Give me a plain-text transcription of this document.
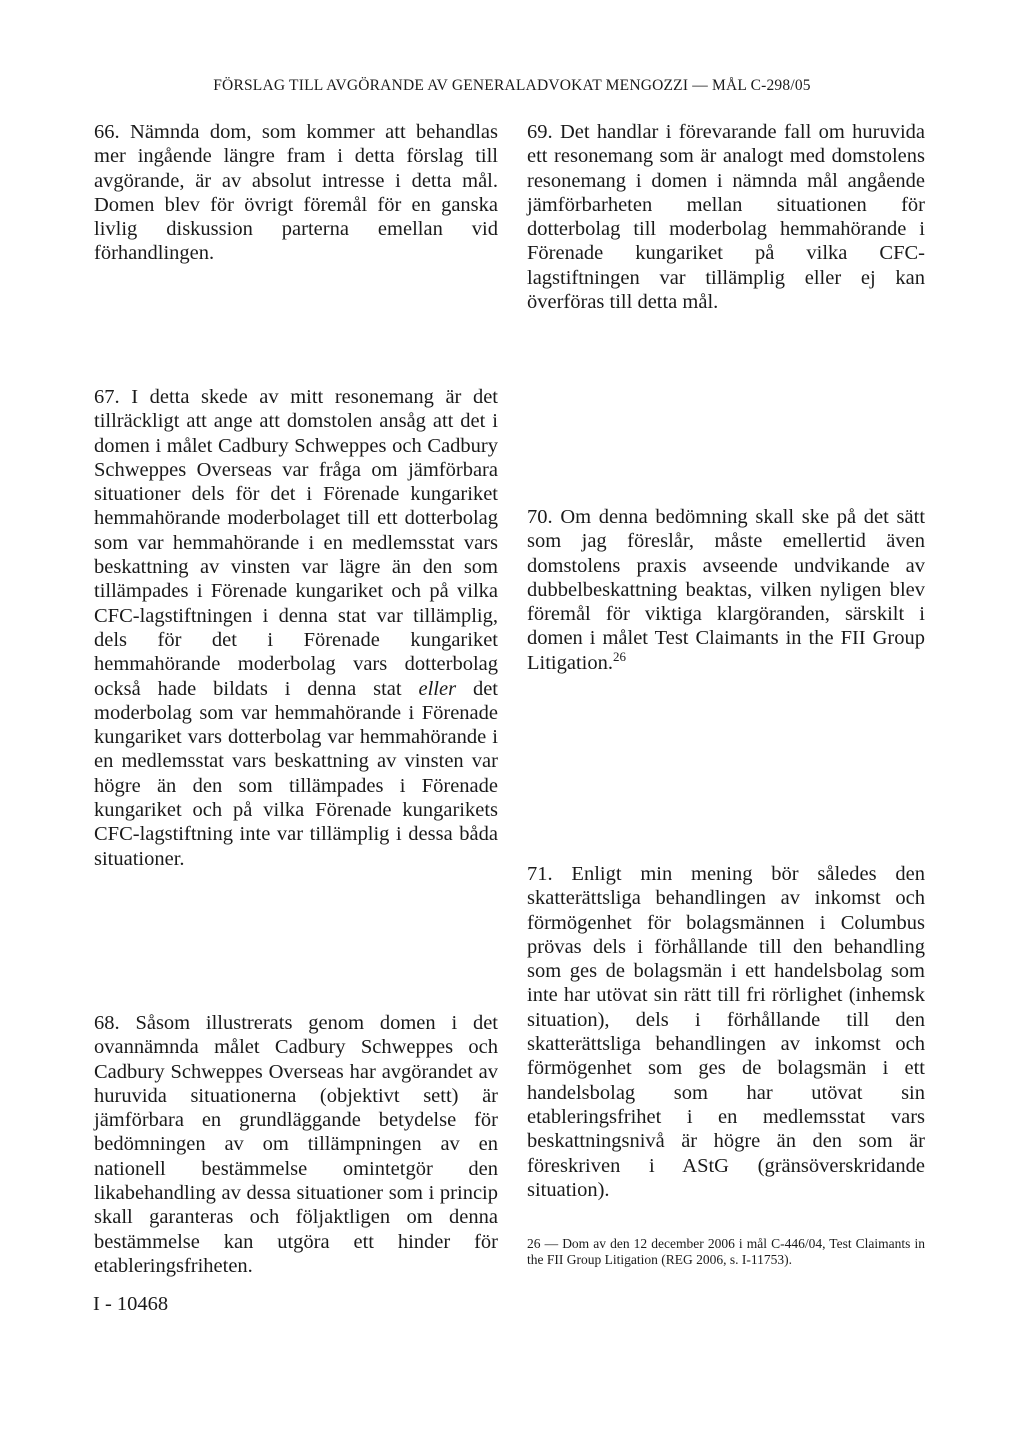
FÖRSLAG TILL AVGÖRANDE AV GENERALADVOKAT MENGOZZI — MÅL C-298/05

66. Nämnda dom, som kommer att behandlas mer ingående längre fram i detta förslag till avgörande, är av absolut intresse i detta mål. Domen blev för övrigt föremål för en ganska livlig diskussion parterna emellan vid förhandlingen.

67. I detta skede av mitt resonemang är det tillräckligt att ange att domstolen ansåg att det i domen i målet Cadbury Schweppes och Cadbury Schweppes Overseas var fråga om jämförbara situationer dels för det i Förenade kungariket hemmahörande moderbolaget till ett dotterbolag som var hemmahörande i en medlemsstat vars beskattning av vinsten var lägre än den som tillämpades i Förenade kungariket och på vilka CFC-lagstiftningen i denna stat var tillämplig, dels för det i Förenade kungariket hemmahörande moderbolag vars dotterbolag också hade bildats i denna stat eller det moderbolag som var hemmahörande i Förenade kungariket vars dotterbolag var hemmahörande i en medlemsstat vars beskattning av vinsten var högre än den som tillämpades i Förenade kungariket och på vilka Förenade kungarikets CFC-lagstiftning inte var tillämplig i dessa båda situationer.

68. Såsom illustrerats genom domen i det ovannämnda målet Cadbury Schweppes och Cadbury Schweppes Overseas har avgörandet av huruvida situationerna (objektivt sett) är jämförbara en grundläggande betydelse för bedömningen av om tillämpningen av en nationell bestämmelse omintetgör den likabehandling av dessa situationer som i princip skall garanteras och följaktligen om denna bestämmelse kan utgöra ett hinder för etableringsfriheten.

69. Det handlar i förevarande fall om huruvida ett resonemang som är analogt med domstolens resonemang i domen i nämnda mål angående jämförbarheten mellan situationen för dotterbolag till moderbolag hemmahörande i Förenade kungariket på vilka CFC-lagstiftningen var tillämplig eller ej kan överföras till detta mål.

70. Om denna bedömning skall ske på det sätt som jag föreslår, måste emellertid även domstolens praxis avseende undvikande av dubbelbeskattning beaktas, vilken nyligen blev föremål för viktiga klargöranden, särskilt i domen i målet Test Claimants in the FII Group Litigation.$^{26}$

71. Enligt min mening bör således den skatterättsliga behandlingen av inkomst och förmögenhet för bolagsmännen i Columbus prövas dels i förhållande till den behandling som ges de bolagsmän i ett handelsbolag som inte har utövat sin rätt till fri rörlighet (inhemsk situation), dels i förhållande till den skatterättsliga behandlingen av inkomst och förmögenhet som ges de bolagsmän i ett handelsbolag som har utövat sin etableringsfrihet i en medlemsstat vars beskattningsnivå är högre än den som är föreskriven i AStG (gränsöverskridande situation).

26 — Dom av den 12 december 2006 i mål C-446/04, Test Claimants in the FII Group Litigation (REG 2006, s. I-11753).
I - 10468
